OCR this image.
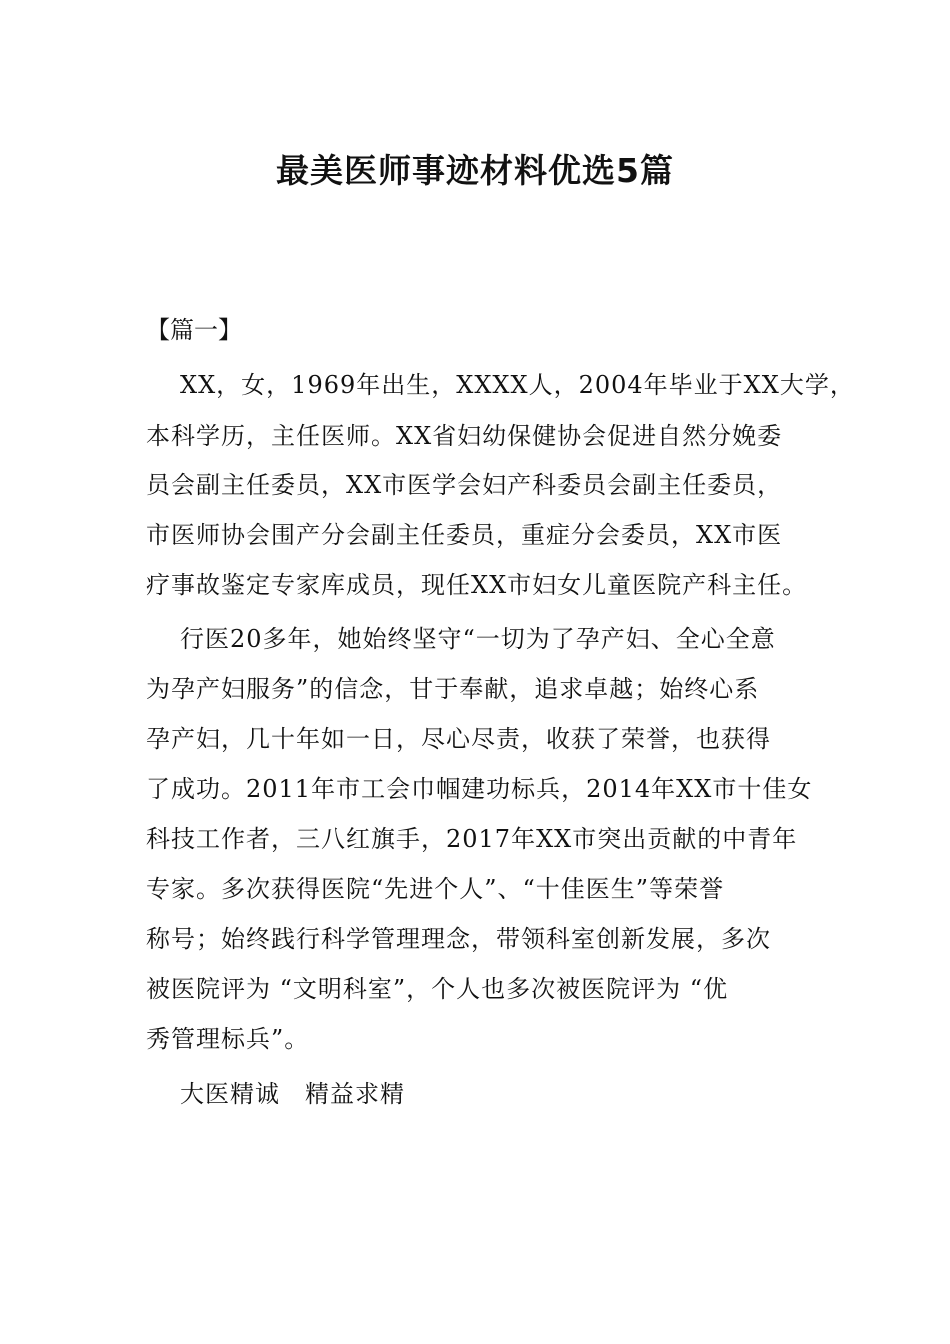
最美医师事迹材料优选5篇
【篇一】
XX，女，1969年出生，XXXX人，2004年毕业于XX大学，
本科学历，主任医师。XX省妇幼保健协会促进自然分娩委
员会副主任委员，XX市医学会妇产科委员会副主任委员，
市医师协会围产分会副主任委员，重症分会委员，XX市医
疗事故鉴定专家库成员，现任XX市妇女儿童医院产科主任。
行医20多年，她始终坚守“一切为了孕产妇、全心全意
为孕产妇服务”的信念，甘于奉献，追求卓越；始终心系
孕产妇，几十年如一日，尽心尽责，收获了荣誉，也获得
了成功。2011年市工会巾帼建功标兵，2014年XX市十佳女
科技工作者，三八红旗手，2017年XX市突出贡献的中青年
专家。多次获得医院“先进个人”、“十佳医生”等荣誉
称号；始终践行科学管理理念，带领科室创新发展，多次
被医院评为 “文明科室”，个人也多次被医院评为 “优
秀管理标兵”。
大医精诚　精益求精
